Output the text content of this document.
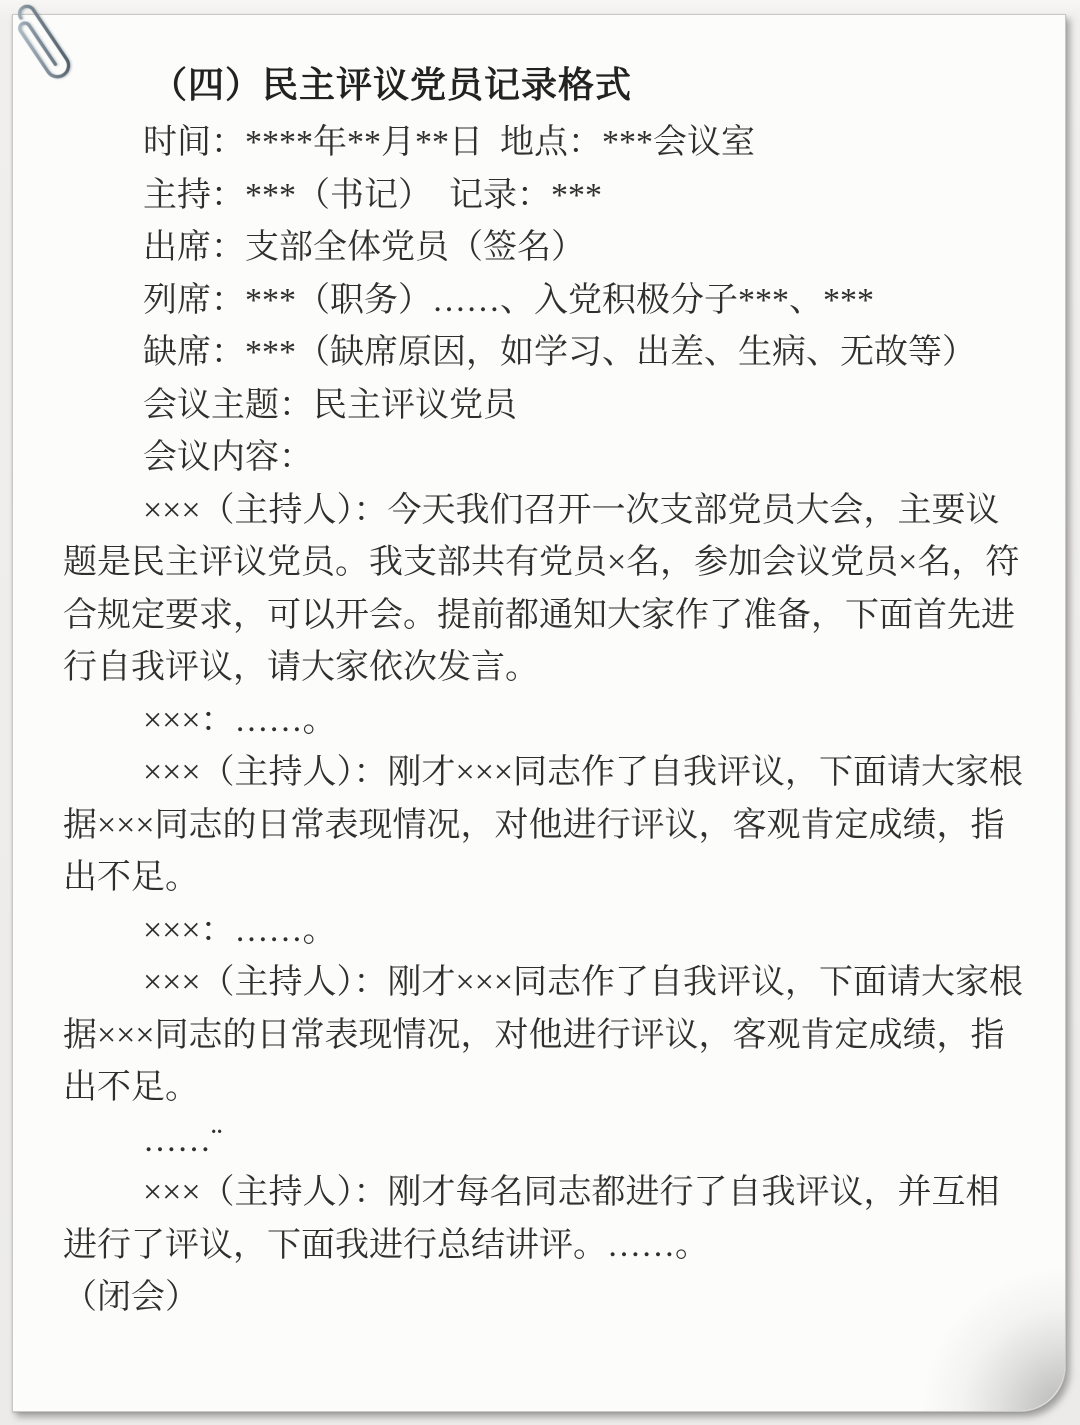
（四）民主评议党员记录格式
时间：****年**月**日  地点：***会议室
主持：***（书记）  记录：***
出席：支部全体党员（签名）
列席：***（职务）……、入党积极分子***、***
缺席：***（缺席原因，如学习、出差、生病、无故等）
会议主题：民主评议党员
会议内容：
×××（主持人）：今天我们召开一次支部党员大会，主要议
题是民主评议党员。我支部共有党员×名，参加会议党员×名，符
合规定要求，可以开会。提前都通知大家作了准备，下面首先进
行自我评议，请大家依次发言。
×××：……。
×××（主持人）：刚才×××同志作了自我评议，下面请大家根
据×××同志的日常表现情况，对他进行评议，客观肯定成绩，指
出不足。
×××：……。
×××（主持人）：刚才×××同志作了自我评议，下面请大家根
据×××同志的日常表现情况，对他进行评议，客观肯定成绩，指
出不足。
……¨
×××（主持人）：刚才每名同志都进行了自我评议，并互相
进行了评议，下面我进行总结讲评。……。
（闭会）
